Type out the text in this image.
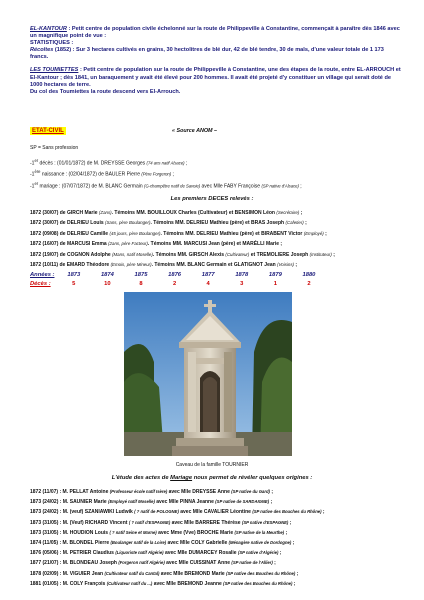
EL-KANTOUR : Petit centre de population civile échelonné sur la route de Philippeville à Constantine, commençait à paraître dès 1846 avec un magnifique point de vue :
STATISTIQUES :
Récoltes (1852) : Sur 3 hectares cultivés en grains, 30 hectolitres de blé dur, 42 de blé tendre, 30 de maïs, d'une valeur totale de 1 173 francs.

LES TOUMIETTES : Petit centre de population sur la route de Philippeville à Constantine, une des étapes de la route, entre EL-ARROUCH et El-Kantour ; dès 1841, un baraquement y avait été élevé pour 200 hommes. Il avait été projeté d'y constituer un village qui serait doté de 1000 hectares de terre.
Du col des Toumiettes la route descend vers El-Arrouch.

ETAT-CIVIL	« Source ANOM –
SP = Sans profession
-1er décès : (01/01/1872) de M. DREYSSE Georges (74 ans natif Alsace) ;
-1ère naissance : (02/04/1872) de BAULER Pierre (Père Forgeron) ;
-1er mariage : (07/07/1872) de M. BLANC Germain (G-champêtre natif de Savoie) avec Mlle FABY Françoise (SP native d'Alsace) ;
Les premiers DECES relevés :
1872 (30/07) de GIRCH Marie (Zans). Témoins MM. BOUILLOUX Charles (Cultivateur) et BENSIMON Léon (Secrétaire) ;
1872 (30/07) de DELRIEU Louis (Sans, père Boulanger). Témoins MM. DELRIEU Mathieu (père) et BRAS Joseph (Cafetier) ;
1872 (09/08) de DELRIEU Camille (45 jours, père Boulanger). Témoins MM. DELRIEU Mathieu (père) et BIRABENT Victor (Employé) ;
1872 (16/07) de MARCUSI Emma (2ans, père Facteur). Témoins MM. MARCUSI Jean (père) et MARÉLLI Marie ;
1872 (19/07) de COGNON Adolphe (Mans, natif Moselle). Témoins MM. GIRSCH Alexis (Cultivateur) et TREMOLIERE Joseph (Instituteur) ;
1872 (10/11) de EMARD Théodore (Emois, père Mineur). Témoins MM. BLANC Germain et GLATIGNOT Jean (Voisins) ;
Années :	1873	1874	1875	1876	1877	1878	1879	1880
Décès :	5	10	8	2	4	3	1	2
Caveau de la famille TOURNIER
L'étude des actes de Mariage nous permet de révéler quelques origines :
1872 (11/07) : M. PELLAT Antoine (Professeur école natif Isère) avec Mlle DREYSSE Anne (SP native du Gard) ;
1873 (24/02) : M. SAUNIER Marie (Employé natif Moselle) avec Mlle PINNA Jeanne (SP native de SARDAIGNE) ;
1873 (24/02) : M. (veuf) SZANIAWIKI Ludwik ( ? natif de POLOGNE) avec Mlle CAVALIER Léontine (SP native des Bouches du Rhône) ;
1873 (31/05) : M. (Veuf) RICHARD Vincent ( ? natif d'ESPAGNE) avec Mlle BARRERE Thérèse (SP native d'ESPAGNE) ;
1873 (31/05) : M. HOUDION Louis ( ? natif Seine et Marne) avec Mme (Vve) BROCHE Marie (SP native de la Meurthe) ;
1874 (11/05) : M. BLONDEL Pierre (Boulanger natif de la Loire) avec Mlle COLY Gabrielle (Ménagère native de Dordogne) ;
1876 (05/06) : M. PETRIER Claudius (Liquoriste natif Algérie) avec Mlle DUMARCEY Rosalie (SP native d'Algérie) ;
1877 (21/07) : M. BLONDEAU Joseph (Forgeron natif Algérie) avec Mlle CUISSINAT Anne (SP native de l'Allier) ;
1878 (02/09) : M. VIGUIER Jean (Cultivateur natif du Cantal) avec Mlle BREMOND Marie (SP native des Bouches du Rhône) ;
1881 (01/05) : M. COLY François (Cultivateur natif du ...) avec Mlle BREMOND Jeanne (SP native des Bouches du Rhône) ;
